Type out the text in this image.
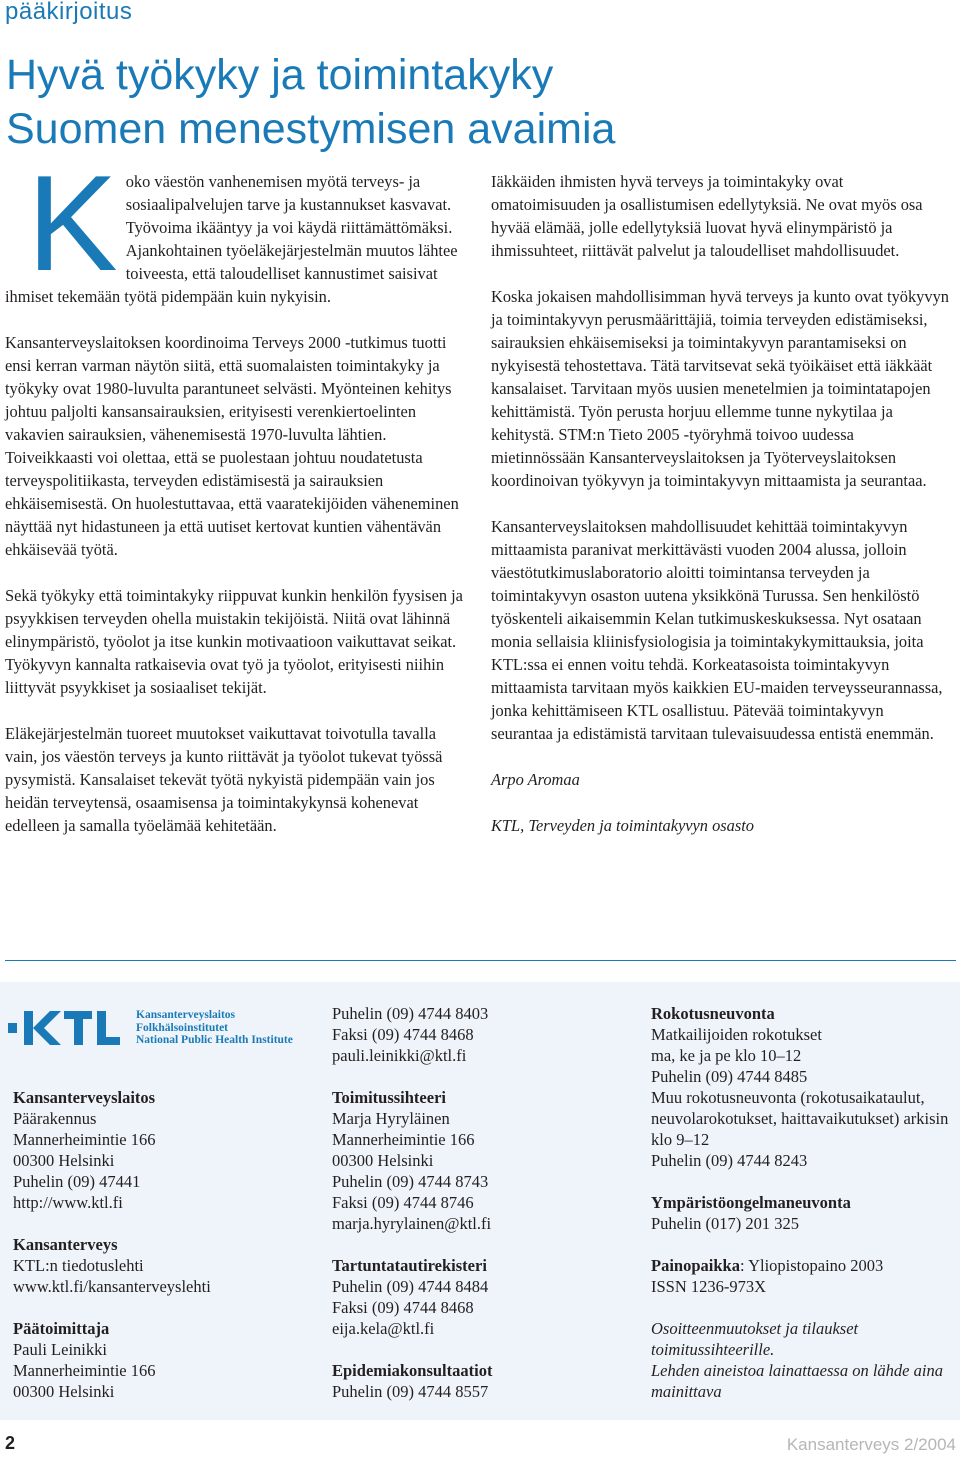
pääkirjoitus
Hyvä työkyky ja toimintakyky
Suomen menestymisen avaimia

Koko väestön vanhenemisen myötä terveys- ja sosiaalipalvelujen tarve ja kustannukset kasvavat. Työvoima ikääntyy ja voi käydä riittämättömäksi. Ajankohtainen työeläkejärjestelmän muutos lähtee toiveesta, että taloudelliset kannustimet saisivat ihmiset tekemään työtä pidempään kuin nykyisin.

Kansanterveyslaitoksen koordinoima Terveys 2000 -tutkimus tuotti ensi kerran varman näytön siitä, että suomalaisten toimintakyky ja työkyky ovat 1980-luvulta parantuneet selvästi. Myönteinen kehitys johtuu paljolti kansansairauksien, erityisesti verenkiertoelinten vakavien sairauksien, vähenemisestä 1970-luvulta lähtien. Toiveikkaasti voi olettaa, että se puolestaan johtuu noudatetusta terveyspolitiikasta, terveyden edistämisestä ja sairauksien ehkäisemisestä. On huolestuttavaa, että vaaratekijöiden väheneminen näyttää nyt hidastuneen ja että uutiset kertovat kuntien vähentävän ehkäisevää työtä.

Sekä työkyky että toimintakyky riippuvat kunkin henkilön fyysisen ja psyykkisen terveyden ohella muistakin tekijöistä. Niitä ovat lähinnä elinympäristö, työolot ja itse kunkin motivaatioon vaikuttavat seikat. Työkyvyn kannalta ratkaisevia ovat työ ja työolot, erityisesti niihin liittyvät psyykkiset ja sosiaaliset tekijät.

Eläkejärjestelmän tuoreet muutokset vaikuttavat toivotulla tavalla vain, jos väestön terveys ja kunto riittävät ja työolot tukevat työssä pysymistä. Kansalaiset tekevät työtä nykyistä pidempään vain jos heidän terveytensä, osaamisensa ja toimintakykynsä kohenevat edelleen ja samalla työelämää kehitetään.

Iäkkäiden ihmisten hyvä terveys ja toimintakyky ovat omatoimisuuden ja osallistumisen edellytyksiä. Ne ovat myös osa hyvää elämää, jolle edellytyksiä luovat hyvä elinympäristö ja ihmissuhteet, riittävät palvelut ja taloudelliset mahdollisuudet.

Koska jokaisen mahdollisimman hyvä terveys ja kunto ovat työkyvyn ja toimintakyvyn perusmäärittäjiä, toimia terveyden edistämiseksi, sairauksien ehkäisemiseksi ja toimintakyvyn parantamiseksi on nykyisestä tehostettava. Tätä tarvitsevat sekä työikäiset että iäkkäät kansalaiset. Tarvitaan myös uusien menetelmien ja toimintatapojen kehittämistä. Työn perusta horjuu ellemme tunne nykytilaa ja kehitystä. STM:n Tieto 2005 -työryhmä toivoo uudessa mietinnössään Kansanterveyslaitoksen ja Työterveyslaitoksen koordinoivan työkyvyn ja toimintakyvyn mittaamista ja seurantaa.

Kansanterveyslaitoksen mahdollisuudet kehittää toimintakyvyn mittaamista paranivat merkittävästi vuoden 2004 alussa, jolloin väestötutkimuslaboratorio aloitti toimintansa terveyden ja toimintakyvyn osaston uutena yksikkönä Turussa. Sen henkilöstö työskenteli aikaisemmin Kelan tutkimuskeskuksessa. Nyt osataan monia sellaisia kliinisfysiologisia ja toimintakykymittauksia, joita KTL:ssa ei ennen voitu tehdä. Korkeatasoista toimintakyvyn mittaamista tarvitaan myös kaikkien EU-maiden terveysseurannassa, jonka kehittämiseen KTL osallistuu. Pätevää toimintakyvyn seurantaa ja edistämistä tarvitaan tulevaisuudessa entistä enemmän.

Arpo Aromaa

KTL, Terveyden ja toimintakyvyn osasto

Kansanterveyslaitos
Folkhälsoinstitutet
National Public Health Institute
Kansanterveyslaitos
Päärakennus
Mannerheimintie 166
00300 Helsinki
Puhelin (09) 47441
http://www.ktl.fi
Kansanterveys
KTL:n tiedotuslehti
www.ktl.fi/kansanterveyslehti
Päätoimittaja
Pauli Leinikki
Mannerheimintie 166
00300 Helsinki
Puhelin (09) 4744 8403
Faksi (09) 4744 8468
pauli.leinikki@ktl.fi
Toimitussihteeri
Marja Hyryläinen
Mannerheimintie 166
00300 Helsinki
Puhelin (09) 4744 8743
Faksi (09) 4744 8746
marja.hyrylainen@ktl.fi
Tartuntatautirekisteri
Puhelin (09) 4744 8484
Faksi (09) 4744 8468
eija.kela@ktl.fi
Epidemiakonsultaatiot
Puhelin (09) 4744 8557
Rokotusneuvonta
Matkailijoiden rokotukset
ma, ke ja pe klo 10–12
Puhelin (09) 4744 8485
Muu rokotusneuvonta (rokotusaikataulut, neuvolarokotukset, haittavaikutukset) arkisin klo 9–12
Puhelin (09) 4744 8243
Ympäristöongelmaneuvonta
Puhelin (017) 201 325
Painopaikka: Yliopistopaino 2003
ISSN 1236-973X
Osoitteenmuutokset ja tilaukset toimitussihteerille.
Lehden aineistoa lainattaessa on lähde aina mainittava
2	Kansanterveys 2/2004
